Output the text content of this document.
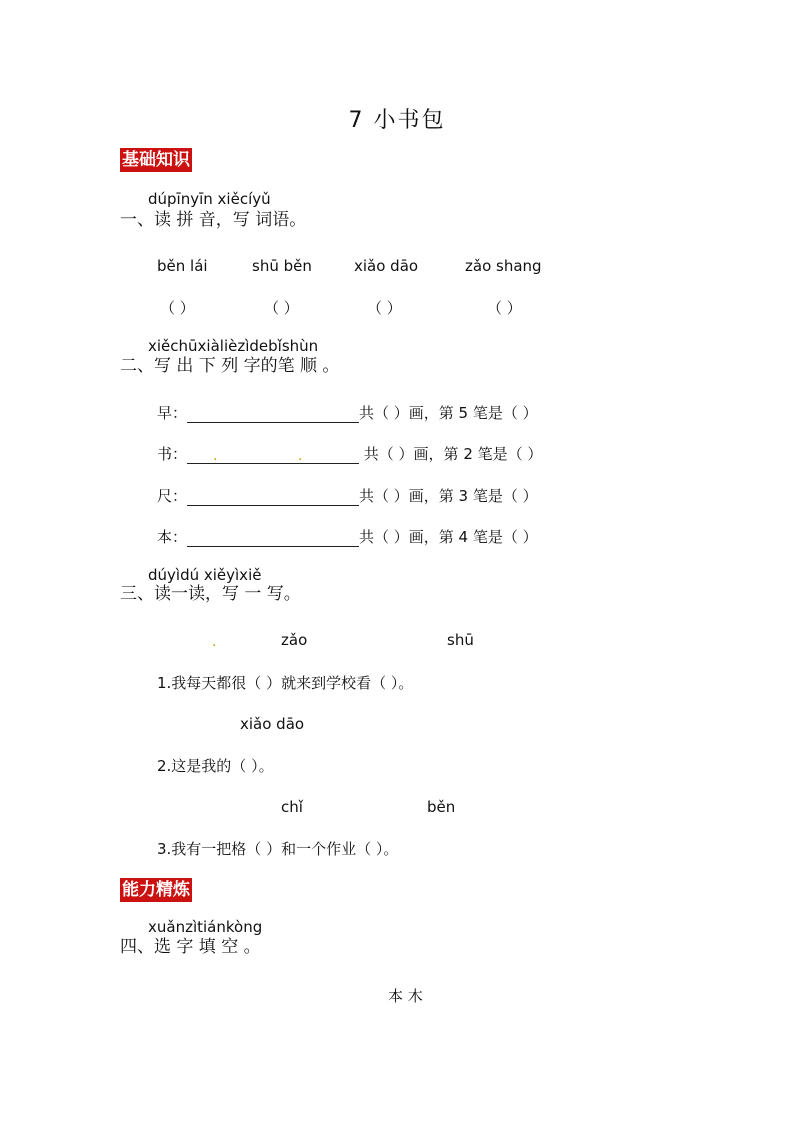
7 小书包
基础知识
dúpīnyīn xiěcíyǔ
一、读 拼 音，写 词语。
běn lái	shū běn	xiǎo dāo	zǎo shang
（ ）	（ ）	（ ）	（ ）
xiěchūxiàlièzìdebǐshùn
二、写 出 下 列 字的笔 顺 。
早：	共（ ）画，第 5 笔是（ ）
书：	共（ ）画，第 2 笔是（ ）
.	.
尺：	共（ ）画，第 3 笔是（ ）
本：	共（ ）画，第 4 笔是（ ）
dúyìdú xiěyìxiě
三、读一读，写 一 写。
.	zǎo	shū
1.我每天都很（ ）就来到学校看（ ）。
xiǎo dāo
2.这是我的（ ）。
chǐ	běn
3.我有一把格（ ）和一个作业（ ）。
能力精炼
xuǎnzìtiánkòng
四、选 字 填 空 。
本 木
